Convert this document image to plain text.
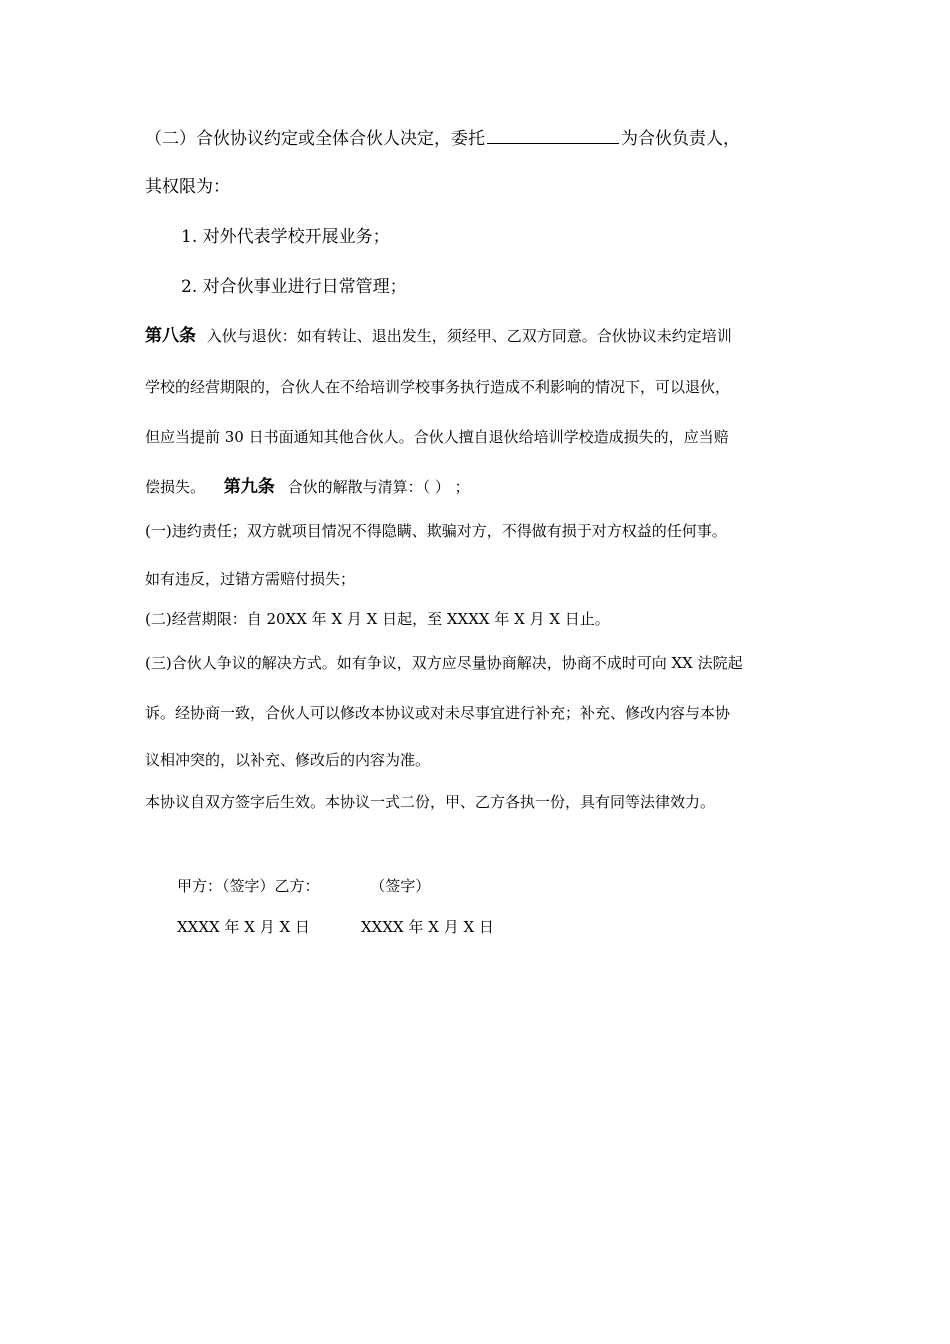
（二）合伙协议约定或全体合伙人决定，委托	为合伙负责人，
其权限为：
1. 对外代表学校开展业务；
2. 对合伙事业进行日常管理；
第八条 入伙与退伙：如有转让、退出发生，须经甲、乙双方同意。合伙协议未约定培训
学校的经营期限的，合伙人在不给培训学校事务执行造成不利影响的情况下，可以退伙，
但应当提前 30 日书面通知其他合伙人。合伙人擅自退伙给培训学校造成损失的，应当赔
偿损失。 第九条 合伙的解散与清算：（ ） ；
(一)违约责任；双方就项目情况不得隐瞒、欺骗对方，不得做有损于对方权益的任何事。
如有违反，过错方需赔付损失；
(二)经营期限：自 20XX 年 X 月 X 日起，至 XXXX 年 X 月 X 日止。
(三)合伙人争议的解决方式。如有争议，双方应尽量协商解决，协商不成时可向 XX 法院起
诉。经协商一致，合伙人可以修改本协议或对未尽事宜进行补充；补充、修改内容与本协
议相冲突的，以补充、修改后的内容为准。
本协议自双方签字后生效。本协议一式二份，甲、乙方各执一份，具有同等法律效力。
甲方：（签字）乙方：	（签字）
XXXX 年 X 月 X 日	XXXX 年 X 月 X 日
